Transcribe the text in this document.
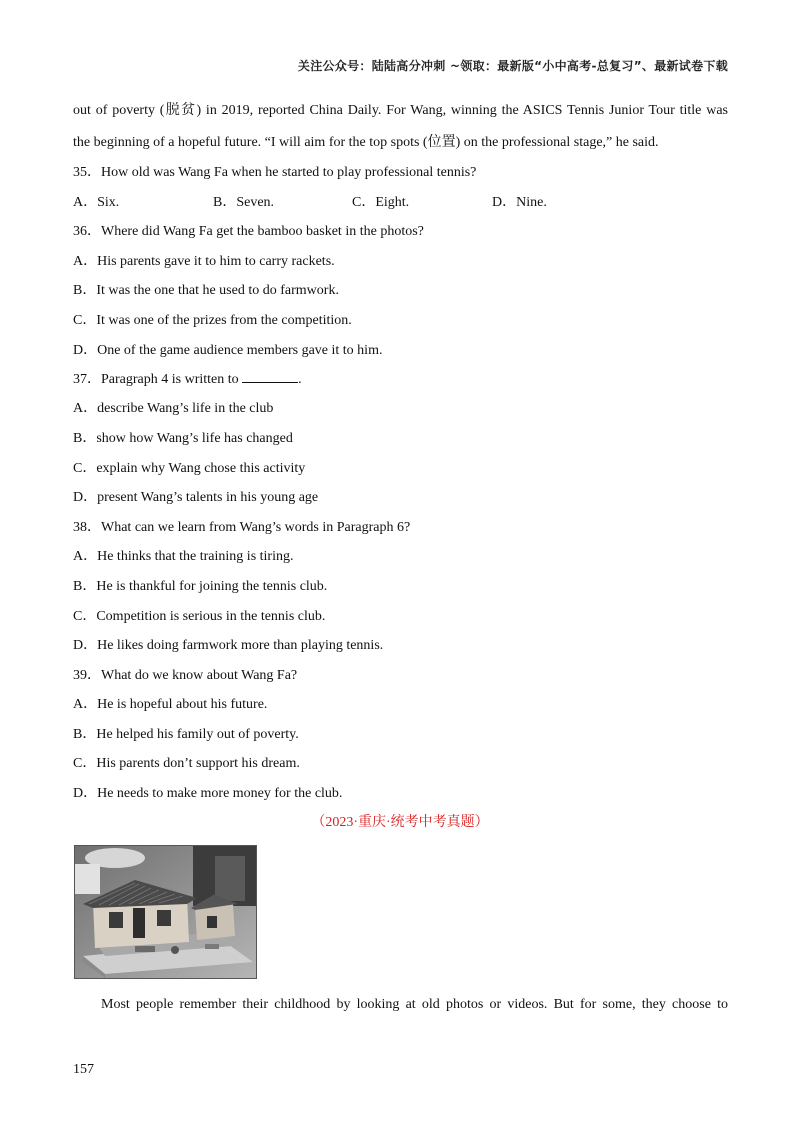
关注公众号：陆陆高分冲刺 ~领取：最新版“小中高考-总复习”、最新试卷下载
out of poverty (脱贫) in 2019, reported China Daily. For Wang, winning the ASICS Tennis Junior Tour title was
the beginning of a hopeful future. “I will aim for the top spots (位置) on the professional stage,” he said.
35．How old was Wang Fa when he started to play professional tennis?
A．Six.	B．Seven.	C．Eight.	D．Nine.
36．Where did Wang Fa get the bamboo basket in the photos?
A．His parents gave it to him to carry rackets.
B．It was the one that he used to do farmwork.
C．It was one of the prizes from the competition.
D．One of the game audience members gave it to him.
37．Paragraph 4 is written to	.
A．describe Wang’s life in the club
B．show how Wang’s life has changed
C．explain why Wang chose this activity
D．present Wang’s talents in his young age
38．What can we learn from Wang’s words in Paragraph 6?
A．He thinks that the training is tiring.
B．He is thankful for joining the tennis club.
C．Competition is serious in the tennis club.
D．He likes doing farmwork more than playing tennis.
39．What do we know about Wang Fa?
A．He is hopeful about his future.
B．He helped his family out of poverty.
C．His parents don’t support his dream.
D．He needs to make more money for the club.
Most people remember their childhood by looking at old photos or videos. But for some, they choose to
（2023·重庆·统考中考真题）
157
